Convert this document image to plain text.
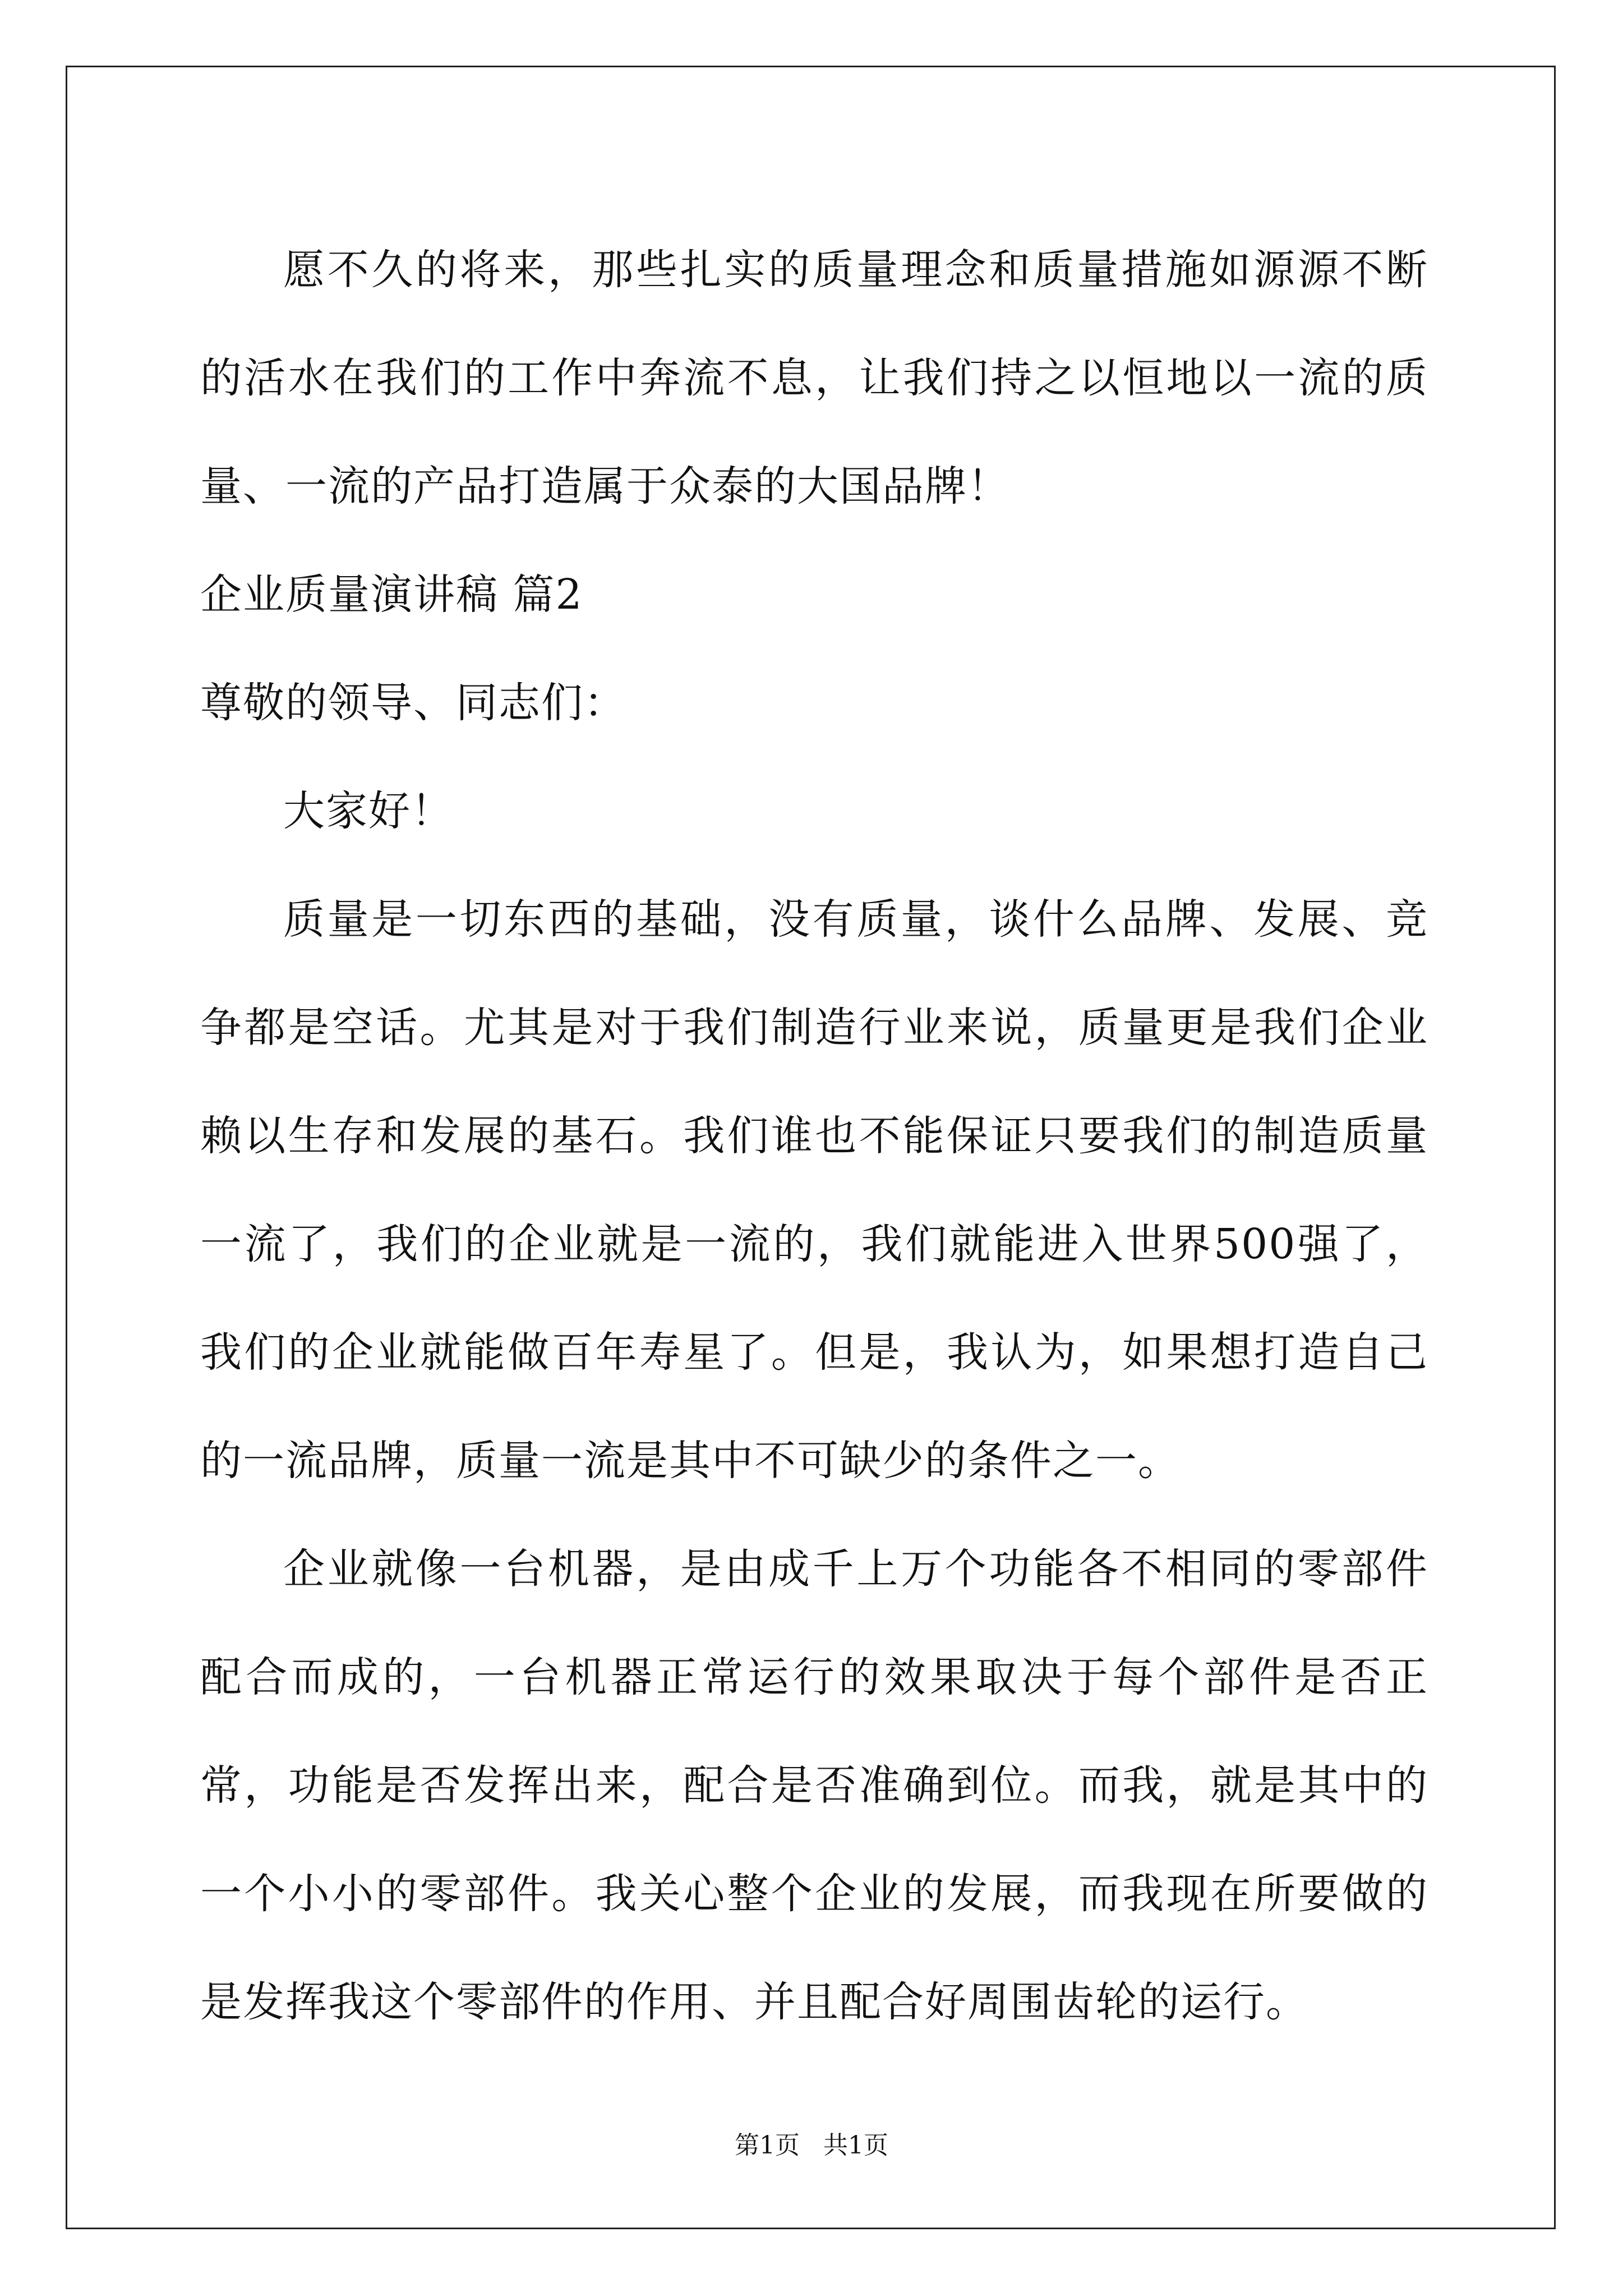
愿不久的将来，那些扎实的质量理念和质量措施如源源不断的活水在我们的工作中奔流不息，让我们持之以恒地以一流的质量、一流的产品打造属于众泰的大国品牌！

企业质量演讲稿 篇2

尊敬的领导、同志们：

大家好！

质量是一切东西的基础，没有质量，谈什么品牌、发展、竞争都是空话。尤其是对于我们制造行业来说，质量更是我们企业赖以生存和发展的基石。我们谁也不能保证只要我们的制造质量一流了，我们的企业就是一流的，我们就能进入世界500强了，我们的企业就能做百年寿星了。但是，我认为，如果想打造自己的一流品牌，质量一流是其中不可缺少的条件之一。

企业就像一台机器，是由成千上万个功能各不相同的零部件配合而成的，一台机器正常运行的效果取决于每个部件是否正常，功能是否发挥出来，配合是否准确到位。而我，就是其中的一个小小的零部件。我关心整个企业的发展，而我现在所要做的是发挥我这个零部件的作用、并且配合好周围齿轮的运行。

第1页 共1页
